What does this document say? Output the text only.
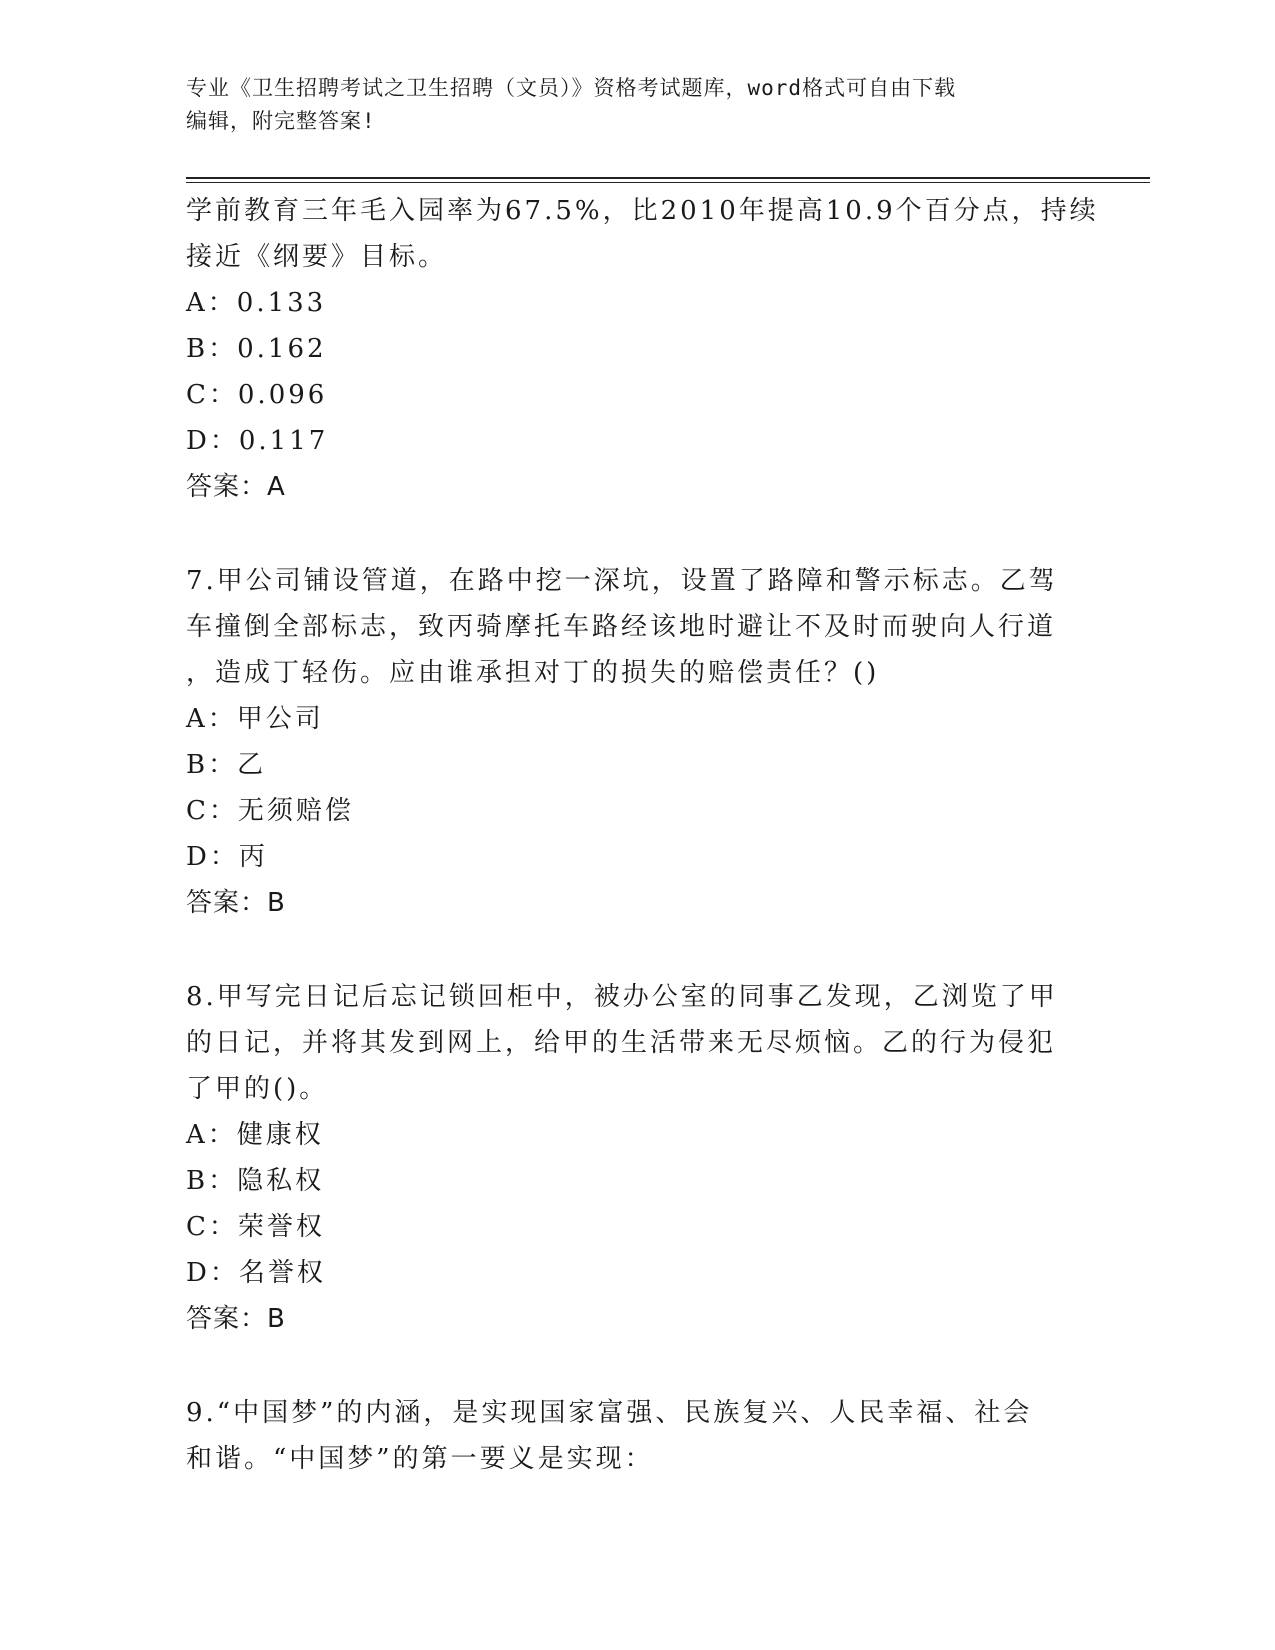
专业《卫生招聘考试之卫生招聘（文员）》资格考试题库，word格式可自由下载
编辑，附完整答案!
学前教育三年毛入园率为67.5%，比2010年提高10.9个百分点，持续
接近《纲要》目标。
A：0.133
B：0.162
C：0.096
D：0.117
答案：A
7.甲公司铺设管道，在路中挖一深坑，设置了路障和警示标志。乙驾
车撞倒全部标志，致丙骑摩托车路经该地时避让不及时而驶向人行道
，造成丁轻伤。应由谁承担对丁的损失的赔偿责任？()
A：甲公司
B：乙
C：无须赔偿
D：丙
答案：B
8.甲写完日记后忘记锁回柜中，被办公室的同事乙发现，乙浏览了甲
的日记，并将其发到网上，给甲的生活带来无尽烦恼。乙的行为侵犯
了甲的()。
A：健康权
B：隐私权
C：荣誉权
D：名誉权
答案：B
9.“中国梦”的内涵，是实现国家富强、民族复兴、人民幸福、社会
和谐。“中国梦”的第一要义是实现：
